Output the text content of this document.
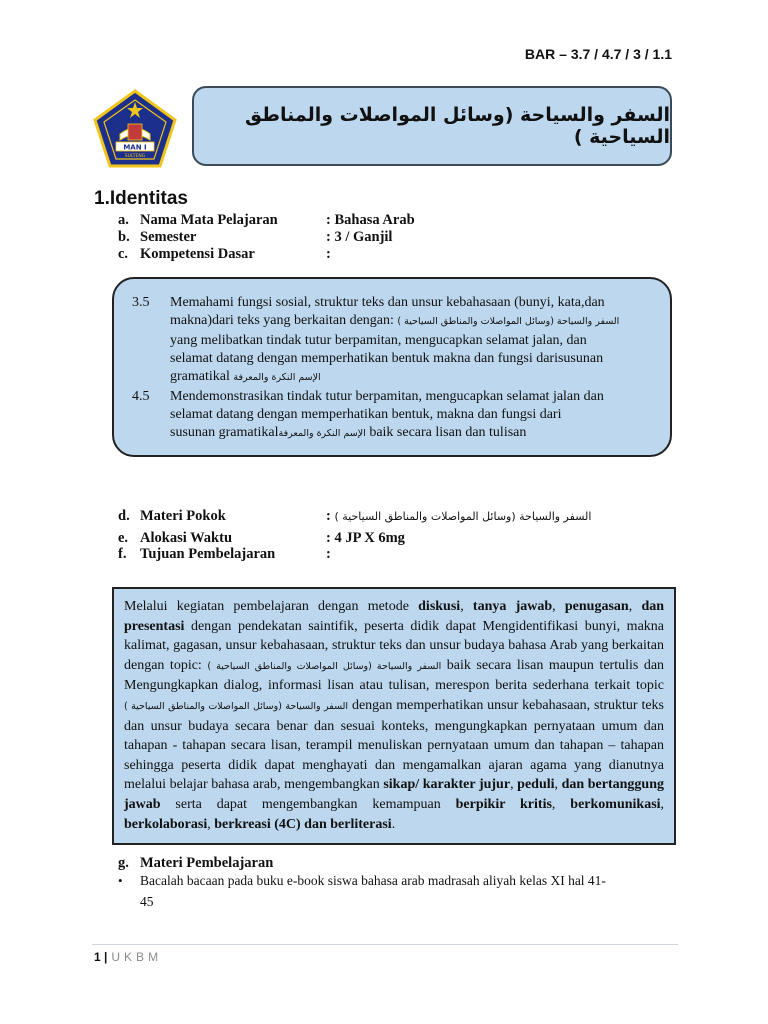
BAR – 3.7 / 4.7 / 3 / 1.1
MAN I
SULTENG
السفر والسياحة (وسائل المواصلات والمناطق السياحية )
1.Identitas
a. Nama Mata Pelajaran	: Bahasa Arab
b. Semester	: 3 / Ganjil
c. Kompetensi Dasar	:
3.5 Memahami fungsi sosial, struktur teks dan unsur kebahasaan (bunyi, kata,dan
makna)dari teks yang berkaitan dengan: السفر والسياحة (وسائل المواصلات والمناطق السياحية )
yang melibatkan tindak tutur berpamitan, mengucapkan selamat jalan, dan
selamat datang dengan memperhatikan bentuk makna dan fungsi darisusunan
gramatikal الإسم النكرة والمعرفة
4.5 Mendemonstrasikan tindak tutur berpamitan, mengucapkan selamat jalan dan
selamat datang dengan memperhatikan bentuk, makna dan fungsi dari
susunan gramatikalالإسم النكرة والمعرفة baik secara lisan dan tulisan
d. Materi Pokok	: السفر والسياحة (وسائل المواصلات والمناطق السياحية )
e. Alokasi Waktu	: 4 JP X 6mg
f. Tujuan Pembelajaran	:
Melalui kegiatan pembelajaran dengan metode diskusi, tanya jawab, penugasan, dan presentasi dengan pendekatan saintifik, peserta didik dapat Mengidentifikasi bunyi, makna kalimat, gagasan, unsur kebahasaan, struktur teks dan unsur budaya bahasa Arab yang berkaitan dengan topic: السفر والسياحة (وسائل المواصلات والمناطق السياحية ) baik secara lisan maupun tertulis dan Mengungkapkan dialog, informasi lisan atau tulisan, merespon berita sederhana terkait topic السفر والسياحة (وسائل المواصلات والمناطق السياحية ) dengan memperhatikan unsur kebahasaan, struktur teks dan unsur budaya secara benar dan sesuai konteks, mengungkapkan pernyataan umum dan tahapan - tahapan secara lisan, terampil menuliskan pernyataan umum dan tahapan – tahapan sehingga peserta didik dapat menghayati dan mengamalkan ajaran agama yang dianutnya melalui belajar bahasa arab, mengembangkan sikap/ karakter jujur, peduli, dan bertanggung jawab serta dapat mengembangkan kemampuan berpikir kritis, berkomunikasi, berkolaborasi, berkreasi (4C) dan berliterasi.
g. Materi Pembelajaran
•	Bacalah bacaan pada buku e-book siswa bahasa arab madrasah aliyah kelas XI hal 41-
45
1 | UKBM
